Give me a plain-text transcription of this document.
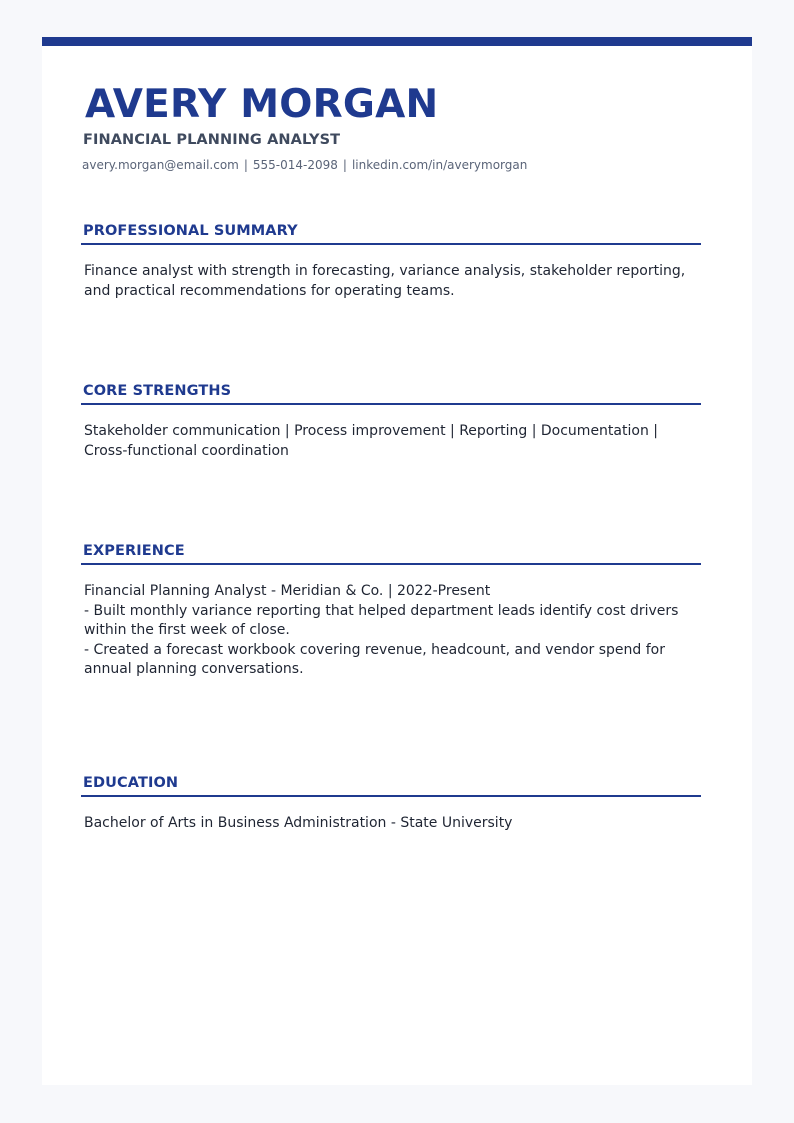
AVERY MORGAN
FINANCIAL PLANNING ANALYST
avery.morgan@email.com | 555-014-2098 | linkedin.com/in/averymorgan
PROFESSIONAL SUMMARY

Finance analyst with strength in forecasting, variance analysis, stakeholder reporting, and practical recommendations for operating teams.

CORE STRENGTHS

Stakeholder communication | Process improvement | Reporting | Documentation | Cross-functional coordination

EXPERIENCE

Financial Planning Analyst - Meridian & Co. | 2022-Present

- Built monthly variance reporting that helped department leads identify cost drivers within the first week of close.

- Created a forecast workbook covering revenue, headcount, and vendor spend for annual planning conversations.

EDUCATION

Bachelor of Arts in Business Administration - State University
